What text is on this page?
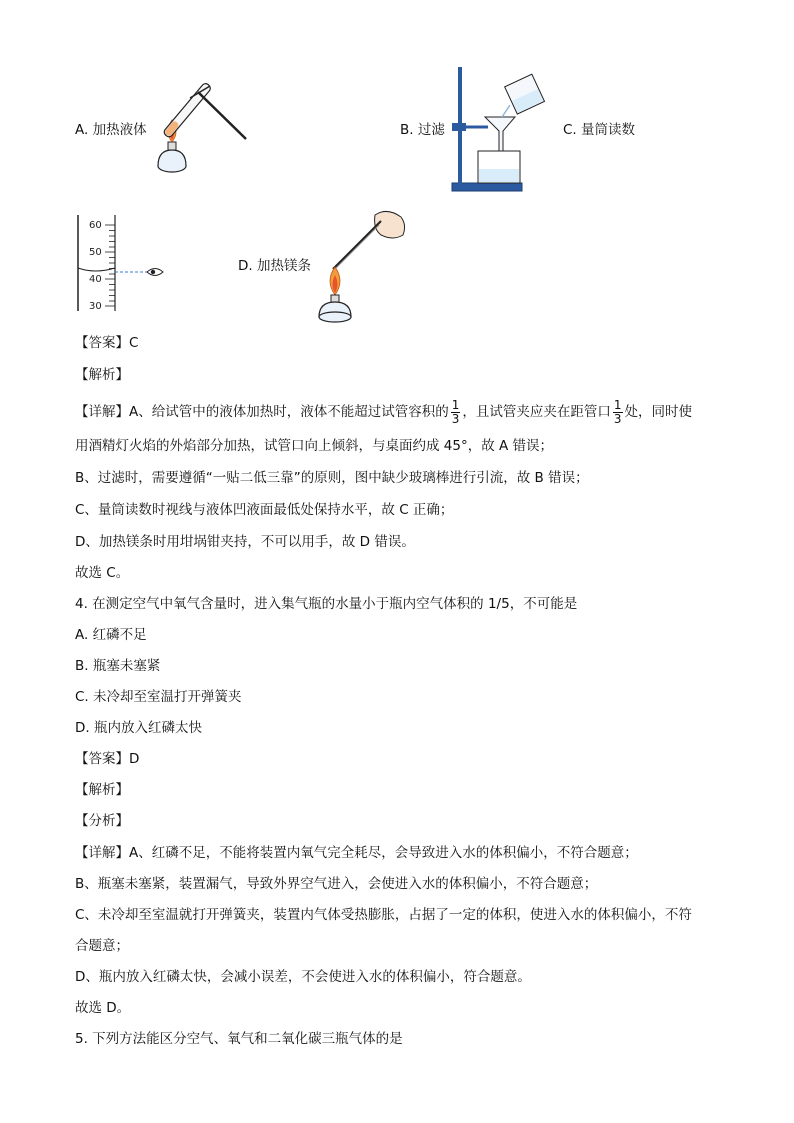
A. 加热液体	B. 过滤	C. 量筒读数
60
50
40
30
D. 加热镁条
【答案】C
【解析】
【详解】A、给试管中的液体加热时，液体不能超过试管容积的 $\frac{1}{3}$ ，且试管夹应夹在距管口 $\frac{1}{3}$ 处，同时使
用酒精灯火焰的外焰部分加热，试管口向上倾斜，与桌面约成 45°，故 A 错误；
B、过滤时，需要遵循“一贴二低三靠”的原则，图中缺少玻璃棒进行引流，故 B 错误；
C、量筒读数时视线与液体凹液面最低处保持水平，故 C 正确；
D、加热镁条时用坩埚钳夹持，不可以用手，故 D 错误。
故选 C。
4. 在测定空气中氧气含量时，进入集气瓶的水量小于瓶内空气体积的 1/5，不可能是
A. 红磷不足
B. 瓶塞未塞紧
C. 未冷却至室温打开弹簧夹
D. 瓶内放入红磷太快
【答案】D
【解析】
【分析】
【详解】A、红磷不足，不能将装置内氧气完全耗尽，会导致进入水的体积偏小，不符合题意；
B、瓶塞未塞紧，装置漏气，导致外界空气进入，会使进入水的体积偏小，不符合题意；
C、未冷却至室温就打开弹簧夹，装置内气体受热膨胀，占据了一定的体积，使进入水的体积偏小，不符
合题意；
D、瓶内放入红磷太快，会减小误差，不会使进入水的体积偏小，符合题意。
故选 D。
5. 下列方法能区分空气、氧气和二氧化碳三瓶气体的是
